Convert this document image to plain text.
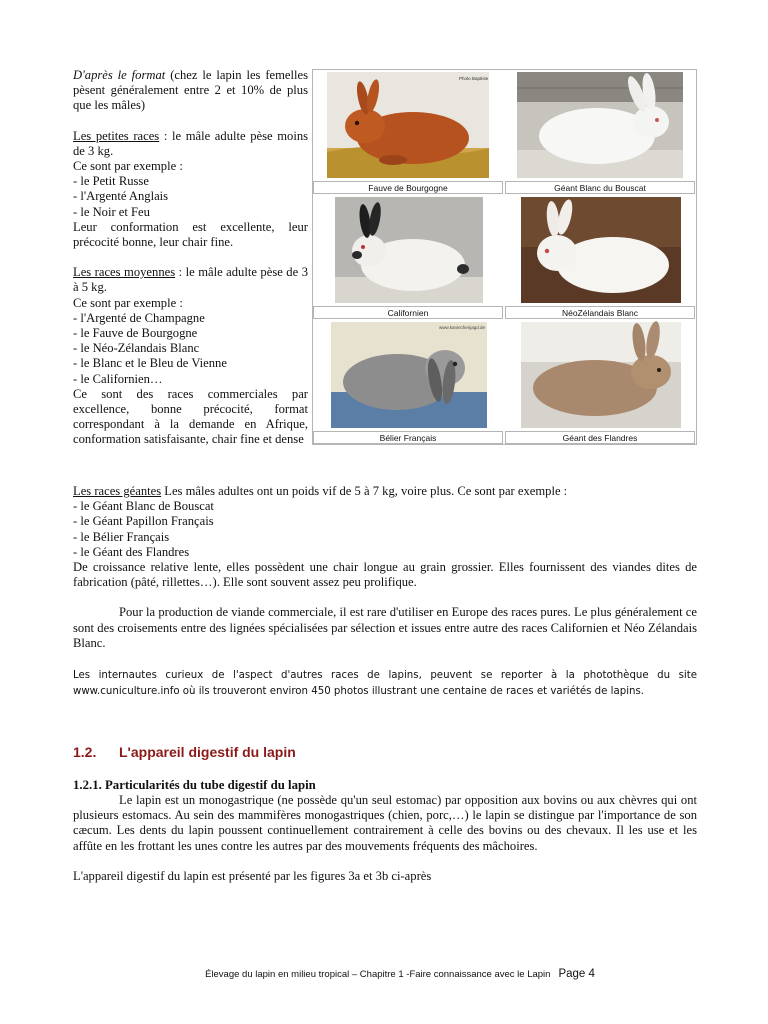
D'après le format (chez le lapin les femelles pèsent généralement entre 2 et 10% de plus que les mâles)

Les petites races : le mâle adulte pèse moins de 3 kg.

Ce sont par exemple :

- le Petit Russe

- l'Argenté Anglais

- le Noir et Feu

Leur conformation est excellente, leur précocité bonne, leur chair fine.

Les races moyennes : le mâle adulte pèse de 3 à 5 kg.

Ce sont par exemple :

- l'Argenté de Champagne

- le Fauve de Bourgogne

- le Néo-Zélandais Blanc

- le Blanc et le Bleu de Vienne

- le Californien…

Ce sont des races commerciales par excellence, bonne précocité, format correspondant à la demande en Afrique, conformation satisfaisante, chair fine et dense

Photo Baptiste
Fauve de Bourgogne	Géant Blanc du Bouscat
Californien	NéoZélandais Blanc
www.kaninchenjagd.de
Bélier Français	Géant des Flandres

Les races géantes Les mâles adultes ont un poids vif de 5 à 7 kg, voire plus. Ce sont par exemple :

- le Géant Blanc de Bouscat

- le Géant Papillon Français

- le Bélier Français

- le Géant des Flandres

De croissance relative lente, elles possèdent une chair longue au grain grossier. Elles fournissent des viandes dites de fabrication (pâté, rillettes…). Elle sont souvent assez peu prolifique.

Pour la production de viande commerciale, il est rare d'utiliser en Europe des races pures. Le plus généralement ce sont des croisements entre des lignées spécialisées par sélection et issues entre autre des races Californien et Néo Zélandais Blanc.

Les internautes curieux de l'aspect d'autres races de lapins, peuvent se reporter à la photothèque du site www.cuniculture.info où ils trouveront environ 450 photos illustrant une centaine de races et variétés de lapins.

1.2. L'appareil digestif du lapin

1.2.1. Particularités du tube digestif du lapin

Le lapin est un monogastrique (ne possède qu'un seul estomac) par opposition aux bovins ou aux chèvres qui ont plusieurs estomacs. Au sein des mammifères monogastriques (chien, porc,…) le lapin se distingue par l'importance de son cæcum. Les dents du lapin poussent continuellement contrairement à celle des bovins ou des chevaux. Il les use et les affûte en les frottant les unes contre les autres par des mouvements fréquents des mâchoires.

L'appareil digestif du lapin est présenté par les figures 3a et 3b ci-après

Élevage du lapin en milieu tropical – Chapitre 1 -Faire connaissance avec le Lapin Page 4
